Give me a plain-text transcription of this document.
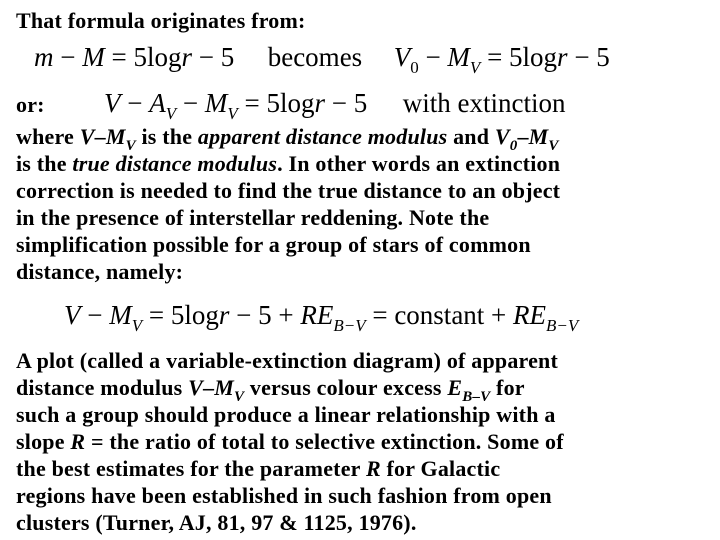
That formula originates from:
m − M = 5logr − 5 becomes $V_0 - M_V = 5\log r - 5$
or: $V - A_V - M_V = 5\log r - 5$ with extinction
where $V-M_V$ is the apparent distance modulus and $V_0-M_V$
is the true distance modulus. In other words an extinction
correction is needed to find the true distance to an object
in the presence of interstellar reddening. Note the
simplification possible for a group of stars of common
distance, namely:
$V - M_V = 5\log r - 5 + RE_{B-V}$ = constant + $RE_{B-V}$
A plot (called a variable-extinction diagram) of apparent
distance modulus $V-M_V$ versus colour excess $E_{B-V}$ for
such a group should produce a linear relationship with a
slope R = the ratio of total to selective extinction. Some of
the best estimates for the parameter R for Galactic
regions have been established in such fashion from open
clusters (Turner, AJ, 81, 97 & 1125, 1976).
